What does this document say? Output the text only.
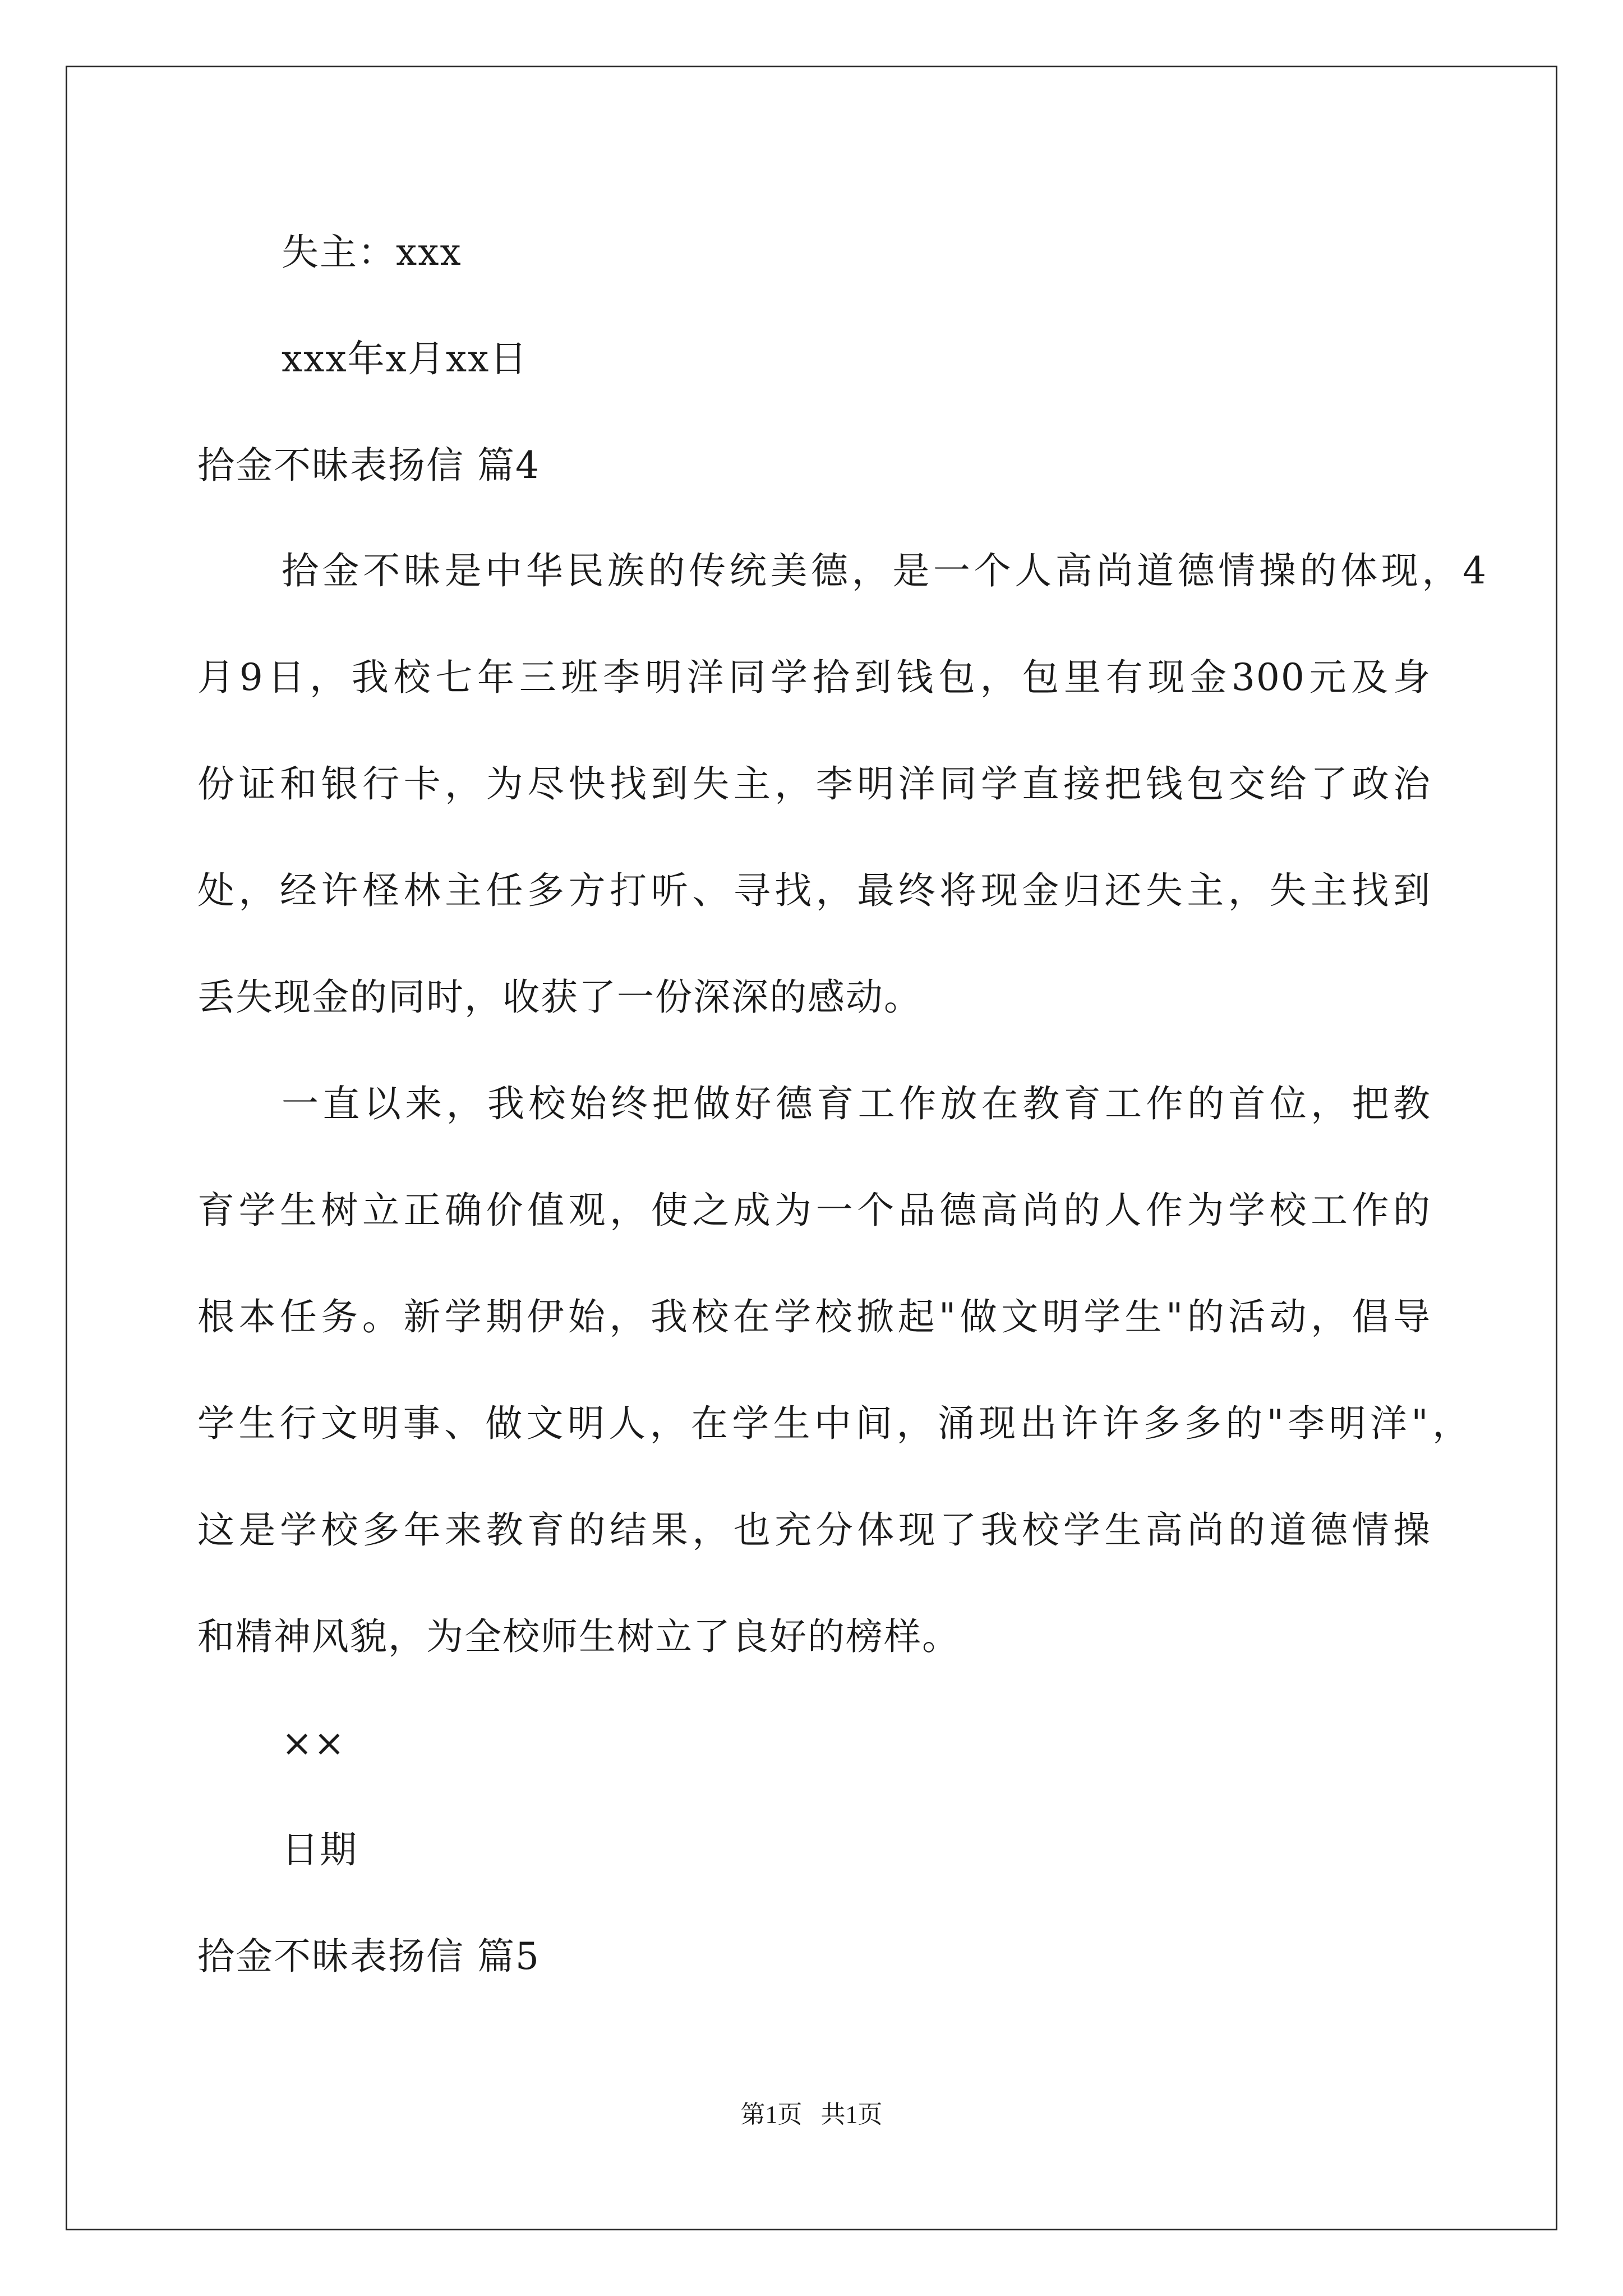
失主：xxx
xxx年x月xx日
拾金不昧表扬信 篇4
拾金不昧是中华民族的传统美德，是一个人高尚道德情操的体现，4
月9日，我校七年三班李明洋同学拾到钱包，包里有现金300元及身
份证和银行卡，为尽快找到失主，李明洋同学直接把钱包交给了政治
处，经许柽林主任多方打听、寻找，最终将现金归还失主，失主找到
丢失现金的同时，收获了一份深深的感动。
一直以来，我校始终把做好德育工作放在教育工作的首位，把教
育学生树立正确价值观，使之成为一个品德高尚的人作为学校工作的
根本任务。新学期伊始，我校在学校掀起"做文明学生"的活动，倡导
学生行文明事、做文明人，在学生中间，涌现出许许多多的"李明洋"，
这是学校多年来教育的结果，也充分体现了我校学生高尚的道德情操
和精神风貌，为全校师生树立了良好的榜样。
××
日期
拾金不昧表扬信 篇5
第1页   共1页
